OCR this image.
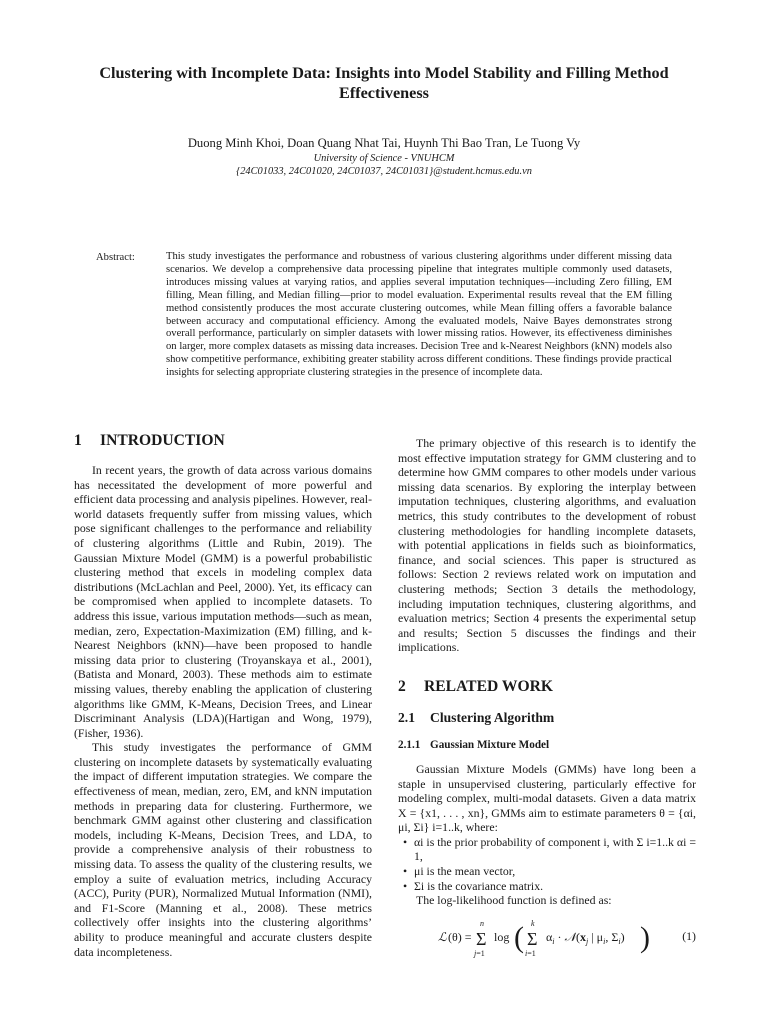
Clustering with Incomplete Data: Insights into Model Stability and Filling Method Effectiveness
Duong Minh Khoi, Doan Quang Nhat Tai, Huynh Thi Bao Tran, Le Tuong Vy
University of Science - VNUHCM
{24C01033, 24C01020, 24C01037, 24C01031}@student.hcmus.edu.vn
Abstract:	This study investigates the performance and robustness of various clustering algorithms under different missing data scenarios. We develop a comprehensive data processing pipeline that integrates multiple commonly used datasets, introduces missing values at varying ratios, and applies several imputation techniques—including Zero filling, EM filling, Mean filling, and Median filling—prior to model evaluation. Experimental results reveal that the EM filling method consistently produces the most accurate clustering outcomes, while Mean filling offers a favorable balance between accuracy and computational efficiency. Among the evaluated models, Naive Bayes demonstrates strong overall performance, particularly on simpler datasets with lower missing ratios. However, its effectiveness diminishes on larger, more complex datasets as missing data increases. Decision Tree and k-Nearest Neighbors (kNN) models also show competitive performance, exhibiting greater stability across different conditions. These findings provide practical insights for selecting appropriate clustering strategies in the presence of incomplete data.
1 INTRODUCTION

In recent years, the growth of data across various domains has necessitated the development of more powerful and efficient data processing and analysis pipelines. However, real-world datasets frequently suffer from missing values, which pose significant challenges to the performance and reliability of clustering algorithms (Little and Rubin, 2019). The Gaussian Mixture Model (GMM) is a powerful probabilistic clustering method that excels in modeling complex data distributions (McLachlan and Peel, 2000). Yet, its efficacy can be compromised when applied to incomplete datasets. To address this issue, various imputation methods—such as mean, median, zero, Expectation-Maximization (EM) filling, and k-Nearest Neighbors (kNN)—have been proposed to handle missing data prior to clustering (Troyanskaya et al., 2001), (Batista and Monard, 2003). These methods aim to estimate missing values, thereby enabling the application of clustering algorithms like GMM, K-Means, Decision Trees, and Linear Discriminant Analysis (LDA)(Hartigan and Wong, 1979), (Fisher, 1936).

This study investigates the performance of GMM clustering on incomplete datasets by systematically evaluating the impact of different imputation strategies. We compare the effectiveness of mean, median, zero, EM, and kNN imputation methods in preparing data for clustering. Furthermore, we benchmark GMM against other clustering and classification models, including K-Means, Decision Trees, and LDA, to provide a comprehensive analysis of their robustness to missing data. To assess the quality of the clustering results, we employ a suite of evaluation metrics, including Accuracy (ACC), Purity (PUR), Normalized Mutual Information (NMI), and F1-Score (Manning et al., 2008). These metrics collectively offer insights into the clustering algorithms’ ability to produce meaningful and accurate clusters despite data incompleteness.

The primary objective of this research is to identify the most effective imputation strategy for GMM clustering and to determine how GMM compares to other models under various missing data scenarios. By exploring the interplay between imputation techniques, clustering algorithms, and evaluation metrics, this study contributes to the development of robust clustering methodologies for handling incomplete datasets, with potential applications in fields such as bioinformatics, finance, and social sciences. This paper is structured as follows: Section 2 reviews related work on imputation and clustering methods; Section 3 details the methodology, including imputation techniques, clustering algorithms, and evaluation metrics; Section 4 presents the experimental setup and results; Section 5 discusses the findings and their implications.

2 RELATED WORK
2.1 Clustering Algorithm
2.1.1 Gaussian Mixture Model

Gaussian Mixture Models (GMMs) have long been a staple in unsupervised clustering, particularly effective for modeling complex, multi-modal datasets. Given a data matrix X = {x1, . . . , xn}, GMMs aim to estimate parameters θ = {αi, μi, Σi} i=1..k, where:

• αi is the prior probability of component i, with Σ i=1..k αi = 1,
• μi is the mean vector,
• Σi is the covariance matrix.

The log-likelihood function is defined as:

ℒ (θ) =
n
Σ
j=1
log ( k
Σ
i=1
$\alpha_i$ · $𝒩(x_j$ | $\mu_i$, $\Sigma_i$) )	(1)
